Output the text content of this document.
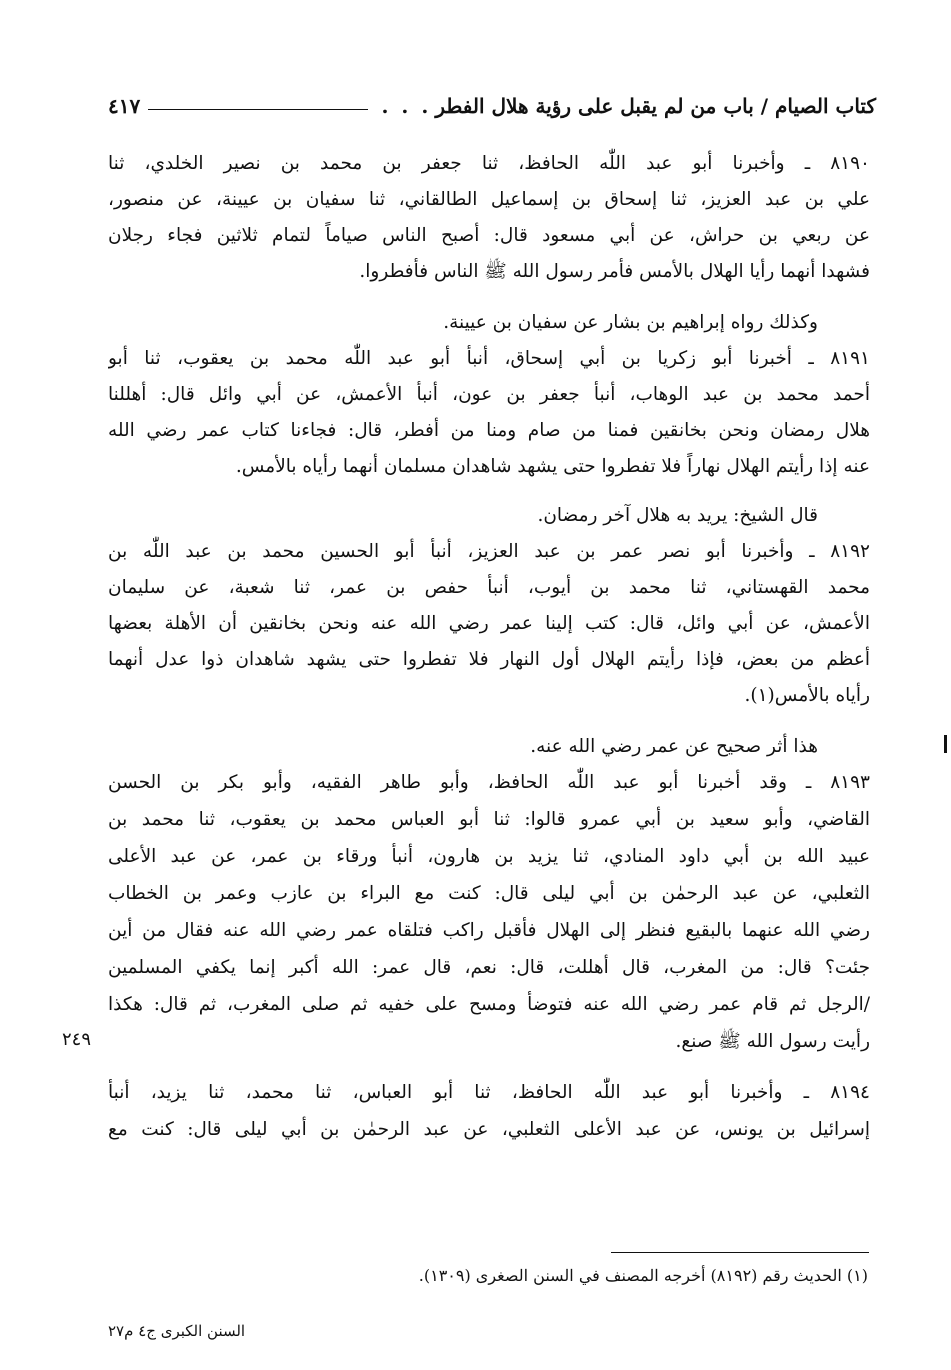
كتاب الصيام / باب من لم يقبل على رؤية هلال الفطر
. . .
٤١٧
٨١٩٠ ـ وأخبرنا أبو عبد اللّٰه الحافظ، ثنا جعفر بن محمد بن نصير الخلدي، ثنا
علي بن عبد العزيز، ثنا إسحاق بن إسماعيل الطالقاني، ثنا سفيان بن عيينة، عن منصور،
عن ربعي بن حراش، عن أبي مسعود قال: أصبح الناس صياماً لتمام ثلاثين فجاء رجلان
فشهدا أنهما رأيا الهلال بالأمس فأمر رسول الله ﷺ الناس فأفطروا.
وكذلك رواه إبراهيم بن بشار عن سفيان بن عيينة.
٨١٩١ ـ أخبرنا أبو زكريا بن أبي إسحاق، أنبأ أبو عبد اللّٰه محمد بن يعقوب، ثنا أبو
أحمد محمد بن عبد الوهاب، أنبأ جعفر بن عون، أنبأ الأعمش، عن أبي وائل قال: أهللنا
هلال رمضان ونحن بخانقين فمنا من صام ومنا من أفطر، قال: فجاءنا كتاب عمر رضي الله
عنه إذا رأيتم الهلال نهاراً فلا تفطروا حتى يشهد شاهدان مسلمان أنهما رأياه بالأمس.
قال الشيخ: يريد به هلال آخر رمضان.
٨١٩٢ ـ وأخبرنا أبو نصر عمر بن عبد العزيز، أنبأ أبو الحسين محمد بن عبد اللّٰه بن
محمد القهستاني، ثنا محمد بن أيوب، أنبأ حفص بن عمر، ثنا شعبة، عن سليمان
الأعمش، عن أبي وائل، قال: كتب إلينا عمر رضي الله عنه ونحن بخانقين أن الأهلة بعضها
أعظم من بعض، فإذا رأيتم الهلال أول النهار فلا تفطروا حتى يشهد شاهدان ذوا عدل أنهما
رأياه بالأمس(١).
هذا أثر صحيح عن عمر رضي الله عنه.
٨١٩٣ ـ وقد أخبرنا أبو عبد اللّٰه الحافظ، وأبو طاهر الفقيه، وأبو بكر بن الحسن
القاضي، وأبو سعيد بن أبي عمرو قالوا: ثنا أبو العباس محمد بن يعقوب، ثنا محمد بن
عبيد الله بن أبي داود المنادي، ثنا يزيد بن هارون، أنبأ ورقاء بن عمر، عن عبد الأعلى
الثعلبي، عن عبد الرحمٰن بن أبي ليلى قال: كنت مع البراء بن عازب وعمر بن الخطاب
رضي الله عنهما بالبقيع فنظر إلى الهلال فأقبل راكب فتلقاه عمر رضي الله عنه فقال من أين
جئت؟ قال: من المغرب، قال أهللت، قال: نعم، قال عمر: الله أكبر إنما يكفي المسلمين
/الرجل ثم قام عمر رضي الله عنه فتوضأ ومسح على خفيه ثم صلى المغرب، ثم قال: هكذا
رأيت رسول الله ﷺ صنع.
٨١٩٤ ـ وأخبرنا أبو عبد اللّٰه الحافظ، ثنا أبو العباس، ثنا محمد، ثنا يزيد، أنبأ
إسرائيل بن يونس، عن عبد الأعلى الثعلبي، عن عبد الرحمٰن بن أبي ليلى قال: كنت مع
٢٤٩
(١) الحديث رقم (٨١٩٢) أخرجه المصنف في السنن الصغرى (١٣٠٩).
السنن الكبرى ج٤ م٢٧
